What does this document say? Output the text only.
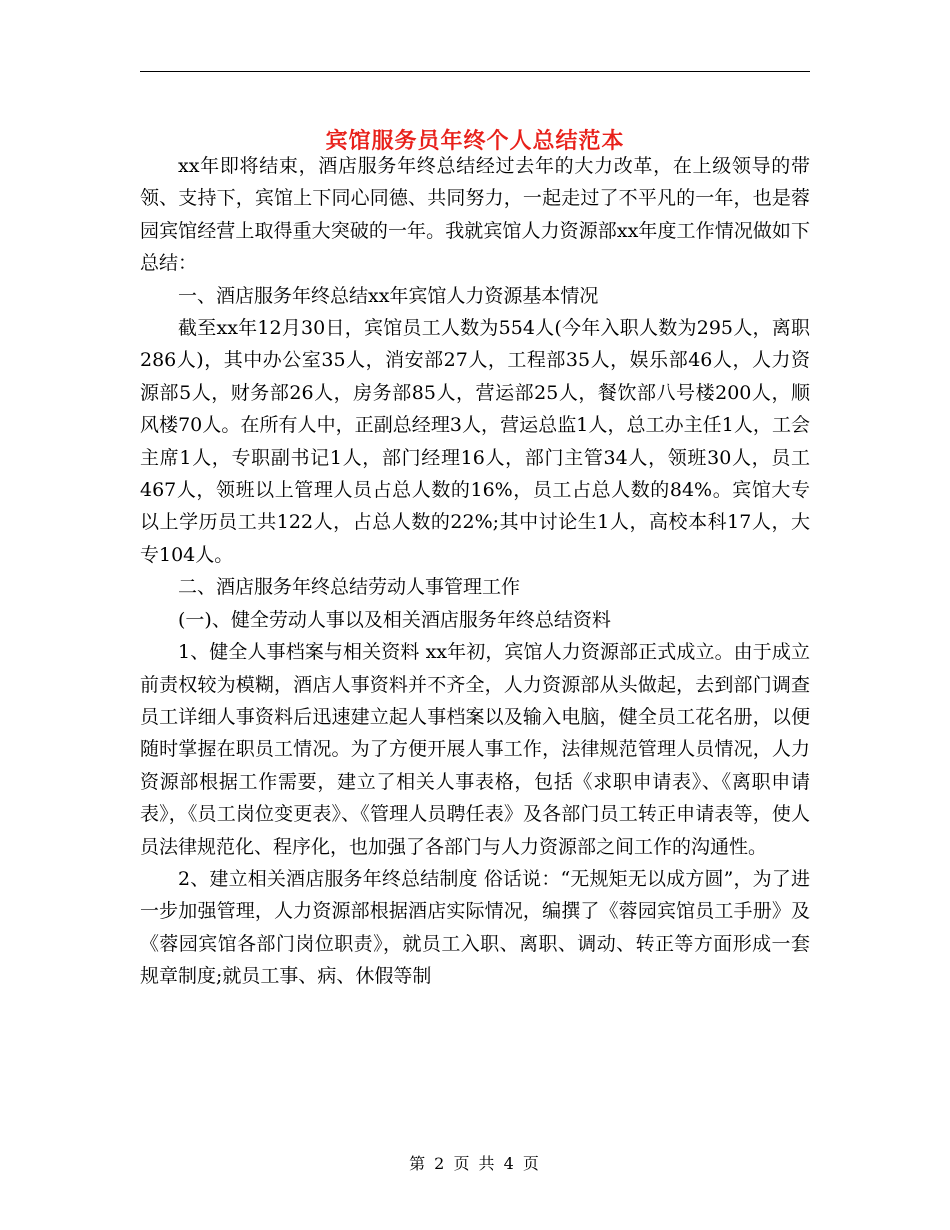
宾馆服务员年终个人总结范本

xx年即将结束，酒店服务年终总结经过去年的大力改革，在上级领导的带领、支持下，宾馆上下同心同德、共同努力，一起走过了不平凡的一年，也是蓉园宾馆经营上取得重大突破的一年。我就宾馆人力资源部xx年度工作情况做如下总结：

一、酒店服务年终总结xx年宾馆人力资源基本情况

截至xx年12月30日，宾馆员工人数为554人(今年入职人数为295人，离职286人)，其中办公室35人，消安部27人，工程部35人，娱乐部46人，人力资源部5人，财务部26人，房务部85人，营运部25人，餐饮部八号楼200人，顺风楼70人。在所有人中，正副总经理3人，营运总监1人，总工办主任1人，工会主席1人，专职副书记1人，部门经理16人，部门主管34人，领班30人，员工467人，领班以上管理人员占总人数的16%，员工占总人数的84%。宾馆大专以上学历员工共122人，占总人数的22%;其中讨论生1人，高校本科17人，大专104人。

二、酒店服务年终总结劳动人事管理工作

(一)、健全劳动人事以及相关酒店服务年终总结资料

1、健全人事档案与相关资料 xx年初，宾馆人力资源部正式成立。由于成立前责权较为模糊，酒店人事资料并不齐全，人力资源部从头做起，去到部门调查员工详细人事资料后迅速建立起人事档案以及输入电脑，健全员工花名册，以便随时掌握在职员工情况。为了方便开展人事工作，法律规范管理人员情况，人力资源部根据工作需要，建立了相关人事表格，包括《求职申请表》、《离职申请表》，《员工岗位变更表》、《管理人员聘任表》及各部门员工转正申请表等，使人员法律规范化、程序化，也加强了各部门与人力资源部之间工作的沟通性。

2、建立相关酒店服务年终总结制度 俗话说：“无规矩无以成方圆”，为了进一步加强管理，人力资源部根据酒店实际情况，编撰了《蓉园宾馆员工手册》及《蓉园宾馆各部门岗位职责》，就员工入职、离职、调动、转正等方面形成一套规章制度;就员工事、病、休假等制

第 2 页 共 4 页
